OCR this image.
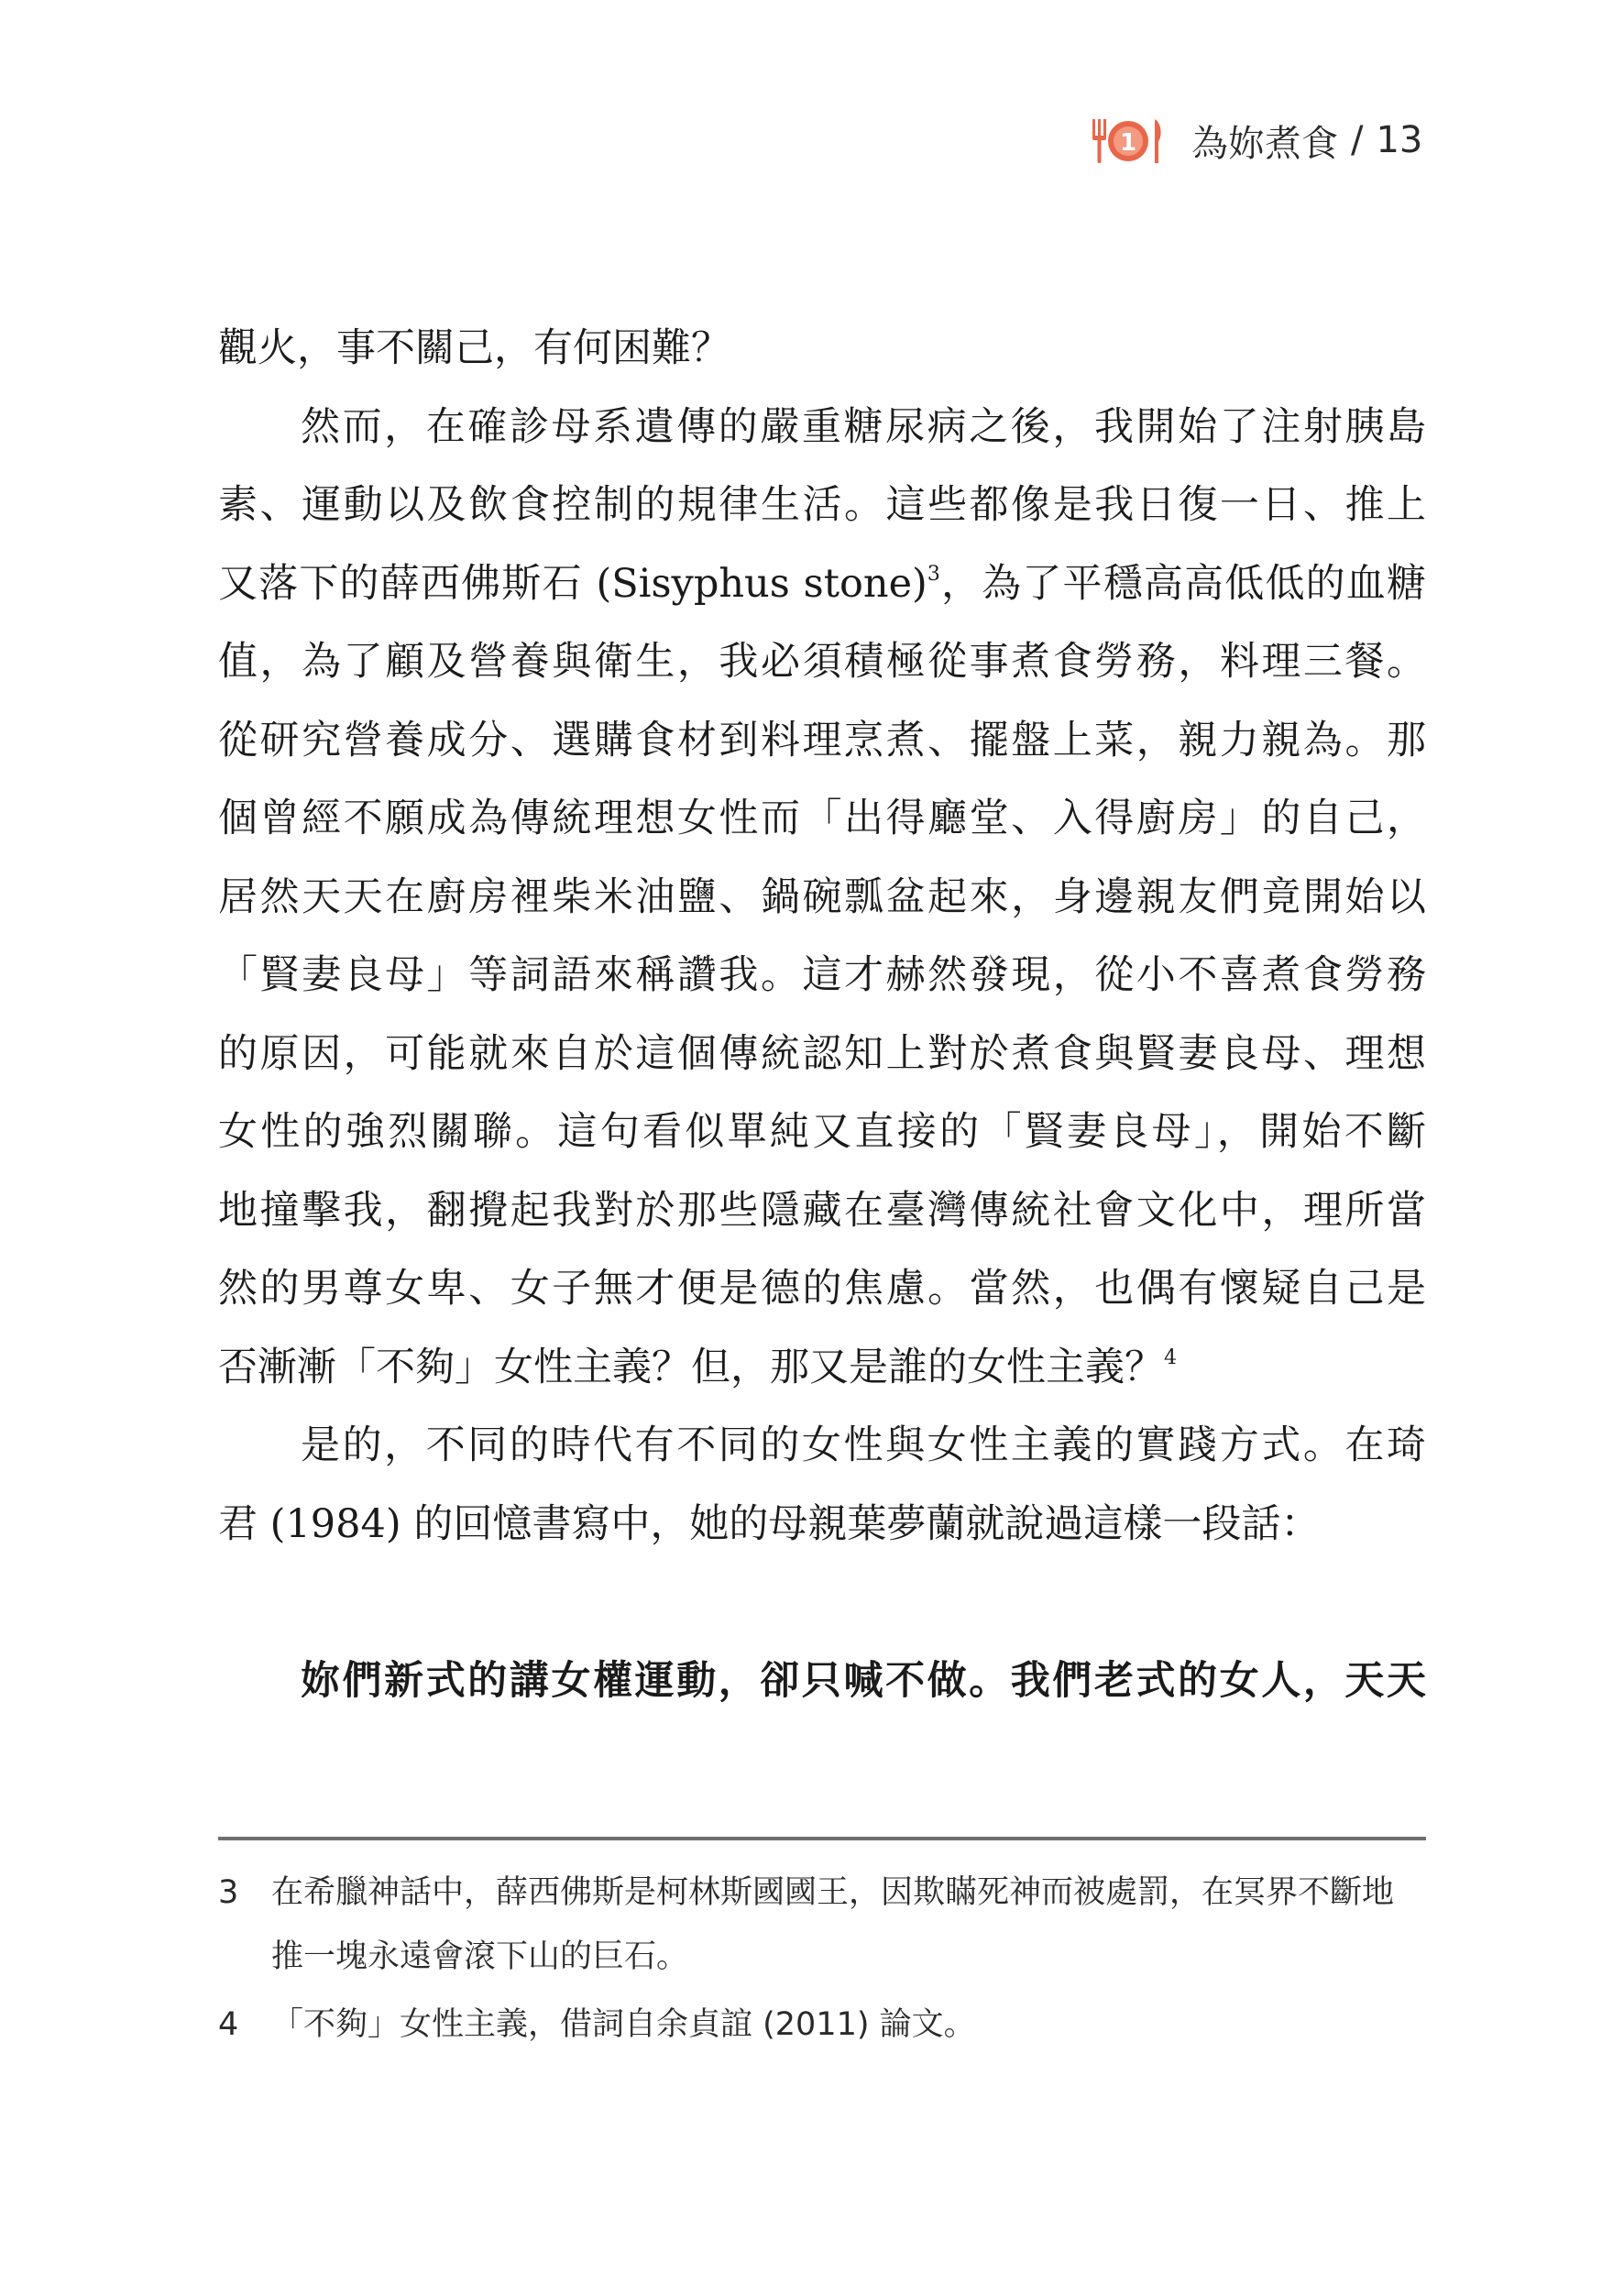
1 為妳煮食 / 13
觀火，事不關己，有何困難？
然而，在確診母系遺傳的嚴重糖尿病之後，我開始了注射胰島
素、運動以及飲食控制的規律生活。這些都像是我日復一日、推上
又落下的薛西佛斯石 (Sisyphus stone)$^3$，為了平穩高高低低的血糖
值，為了顧及營養與衛生，我必須積極從事煮食勞務，料理三餐。
從研究營養成分、選購食材到料理烹煮、擺盤上菜，親力親為。那
個曾經不願成為傳統理想女性而「出得廳堂、入得廚房」的自己，
居然天天在廚房裡柴米油鹽、鍋碗瓢盆起來，身邊親友們竟開始以
「賢妻良母」等詞語來稱讚我。這才赫然發現，從小不喜煮食勞務
的原因，可能就來自於這個傳統認知上對於煮食與賢妻良母、理想
女性的強烈關聯。這句看似單純又直接的「賢妻良母」，開始不斷
地撞擊我，翻攪起我對於那些隱藏在臺灣傳統社會文化中，理所當
然的男尊女卑、女子無才便是德的焦慮。當然，也偶有懷疑自己是
否漸漸「不夠」女性主義？但，那又是誰的女性主義？$^4$
是的，不同的時代有不同的女性與女性主義的實踐方式。在琦
君 (1984) 的回憶書寫中，她的母親葉夢蘭就說過這樣一段話：
妳們新式的講女權運動，卻只喊不做。我們老式的女人，天天
3	在希臘神話中，薛西佛斯是柯林斯國國王，因欺瞞死神而被處罰，在冥界不斷地
推一塊永遠會滾下山的巨石。
4	「不夠」女性主義，借詞自余貞誼 (2011) 論文。
